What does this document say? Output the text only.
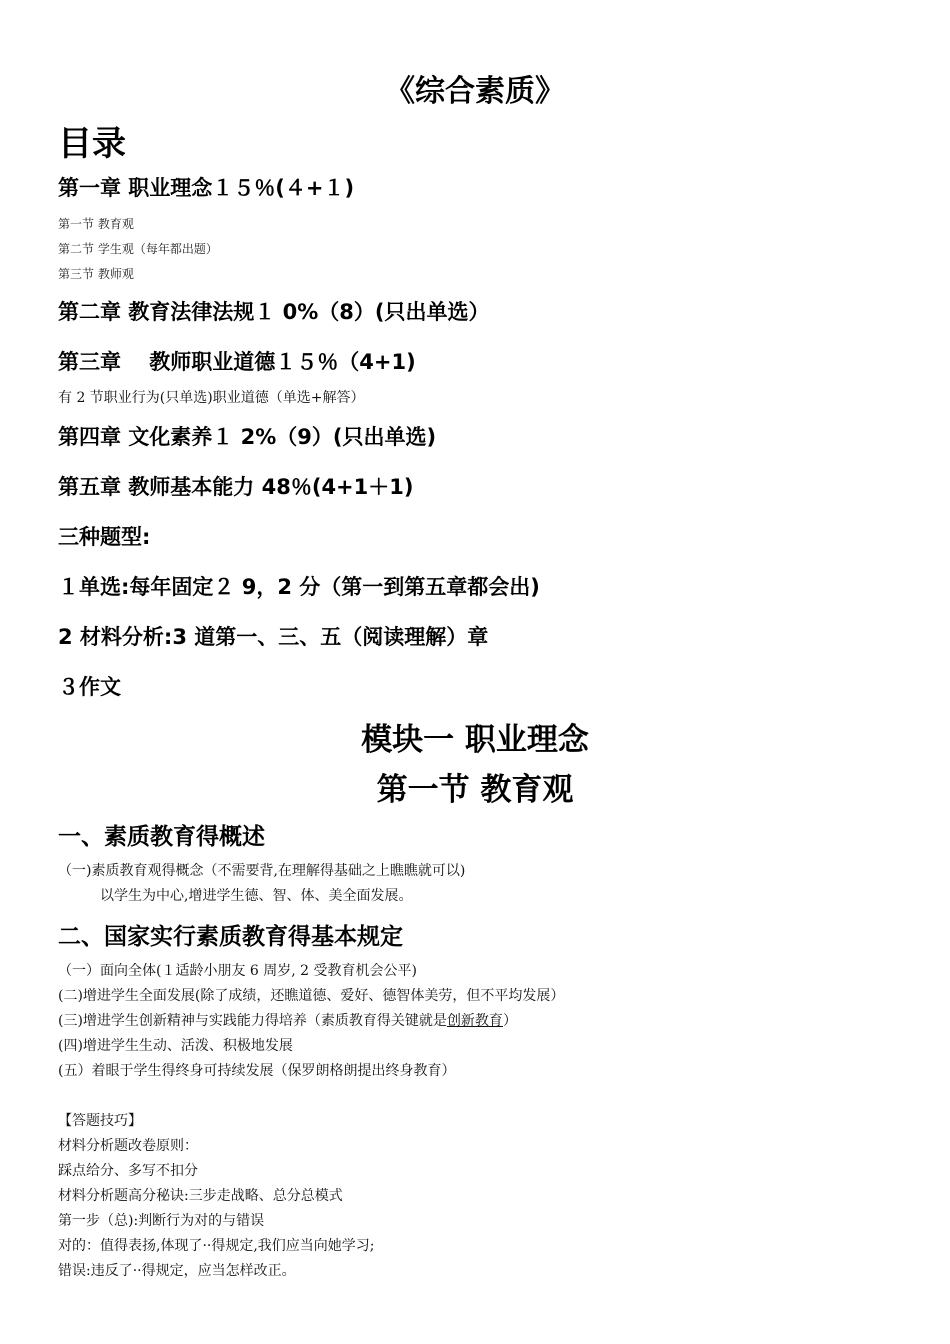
《综合素质》
目录
第一章 职业理念１５％(４+１)
第一节 教育观
第二节 学生观（每年都出题）
第三节 教师观
第二章 教育法律法规１ 0%（8）(只出单选）
第三章　 教师职业道德１５％（4+1)
有 2 节职业行为(只单选)职业道德（单选+解答）
第四章 文化素养１ 2%（9）(只出单选)
第五章 教师基本能力 48％(4+1＋1)
三种题型:
１单选:每年固定２ 9，2 分（第一到第五章都会出)
2 材料分析:3 道第一、三、五（阅读理解）章
３作文
模块一 职业理念
第一节 教育观
一、素质教育得概述
（一)素质教育观得概念（不需要背,在理解得基础之上瞧瞧就可以)
以学生为中心,增进学生德、智、体、美全面发展。
二、国家实行素质教育得基本规定
（一）面向全体(１适龄小朋友 6 周岁, 2 受教育机会公平)
(二)增进学生全面发展(除了成绩，还瞧道德、爱好、德智体美劳，但不平均发展）
(三)增进学生创新精神与实践能力得培养（素质教育得关键就是创新教育）
(四)增进学生生动、活泼、积极地发展
(五）着眼于学生得终身可持续发展（保罗朗格朗提出终身教育）
【答题技巧】
材料分析题改卷原则：
踩点给分、多写不扣分
材料分析题高分秘诀:三步走战略、总分总模式
第一步（总):判断行为对的与错误
对的：值得表扬,体现了··得规定,我们应当向她学习;
错误:违反了··得规定，应当怎样改正。
